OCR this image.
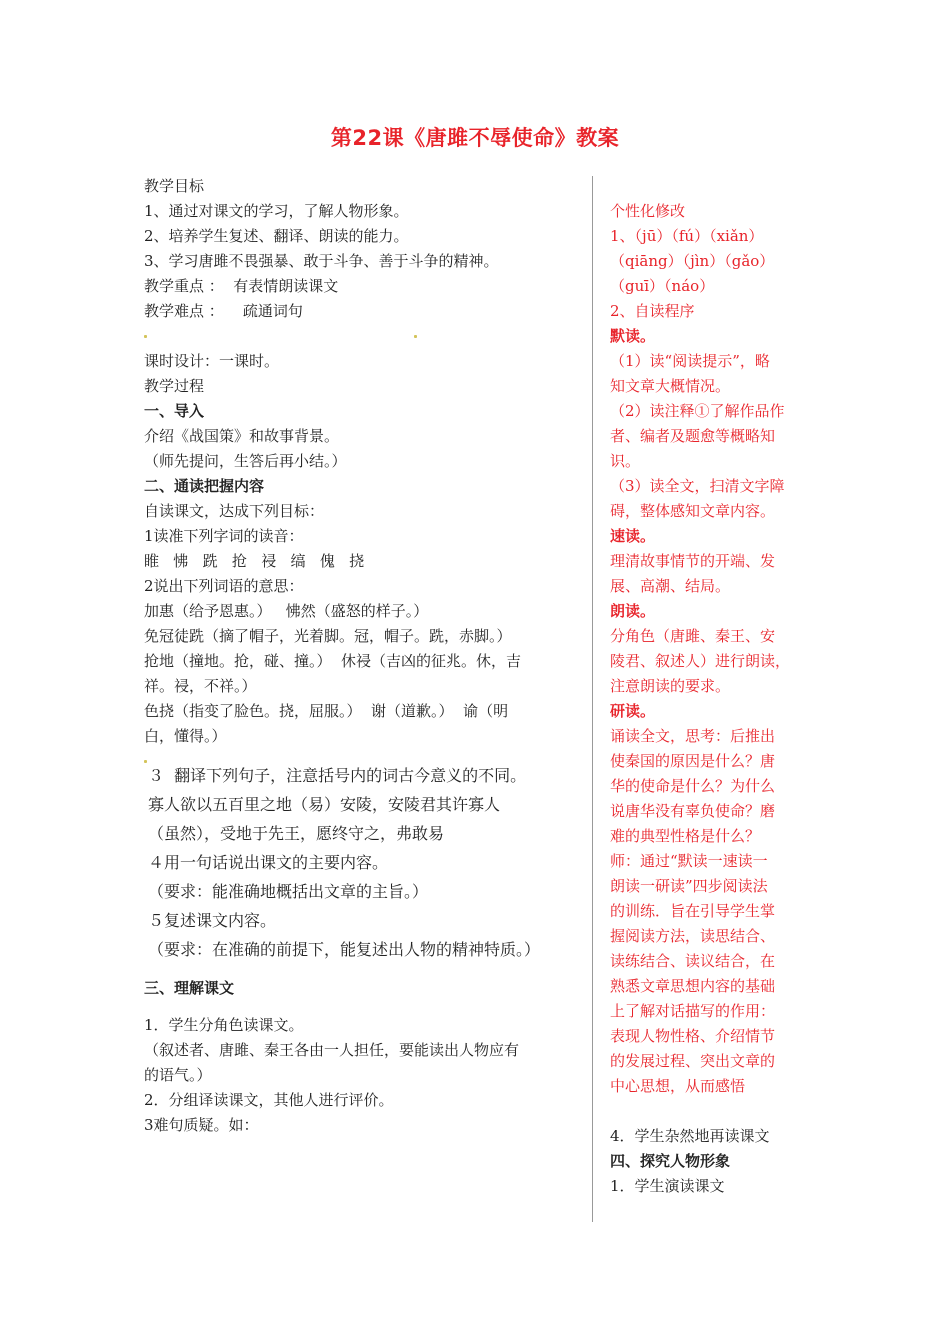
第22课《唐雎不辱使命》教案
教学目标
1、通过对课文的学习，了解人物形象。
2、培养学生复述、翻译、朗读的能力。
3、学习唐雎不畏强暴、敢于斗争、善于斗争的精神。
教学重点 ：  有表情朗读课文
教学难点 ：    疏通词句
课时设计：一课时。
教学过程
一、导入
介绍《战国策》和故事背景。
（师先提问，生答后再小结。）
二、通读把握内容
自读课文，达成下列目标：
1读准下列字词的读音：
睢   怫   跣   抢   祲   缟   傀   挠
2说出下列词语的意思：
加惠（给予恩惠。）   怫然（盛怒的样子。）
免冠徒跣（摘了帽子，光着脚。冠，帽子。跣，赤脚。）
抢地（撞地。抢，碰、撞。）  休祲（吉凶的征兆。休，吉
祥。祲，不祥。）
色挠（指变了脸色。挠，屈服。）  谢（道歉。）  谕（明
白，懂得。）
３  翻译下列句子，注意括号内的词古今意义的不同。
寡人欲以五百里之地（易）安陵，安陵君其许寡人
（虽然），受地于先王，愿终守之，弗敢易
４用一句话说出课文的主要内容。
（要求：能准确地概括出文章的主旨。）
５复述课文内容。
（要求：在准确的前提下，能复述出人物的精神特质。）
三、理解课文
1．学生分角色读课文。
（叙述者、唐雎、秦王各由一人担任，要能读出人物应有
的语气。）
2．分组译读课文，其他人进行评价。
3难句质疑。如：
个性化修改
1、（jū）（fú）（xiǎn）
（qiāng）（jìn）（gǎo）
（guī）（náo）
2、自读程序
默读。
（1）读“阅读提示”，略
知文章大概情况。
（2）读注释①了解作品作
者、编者及题愈等概略知
识。
（3）读全文，扫清文字障
碍，整体感知文章内容。
速读。
理清故事情节的开端、发
展、高潮、结局。
朗读。
分角色（唐雎、秦王、安
陵君、叙述人）进行朗读，
注意朗读的要求。
研读。
诵读全文，思考：后推出
使秦国的原因是什么？唐
华的使命是什么？为什么
说唐华没有辜负使命？磨
难的典型性格是什么？
师：通过“默读一速读一
朗读一研读”四步阅读法
的训练．旨在引导学生掌
握阅读方法，读思结合、
读练结合、读议结合，在
熟悉文章思想内容的基础
上了解对话描写的作用：
表现人物性格、介绍情节
的发展过程、突出文章的
中心思想，从而感悟
4．学生杂然地再读课文
四、探究人物形象
1．学生演读课文
